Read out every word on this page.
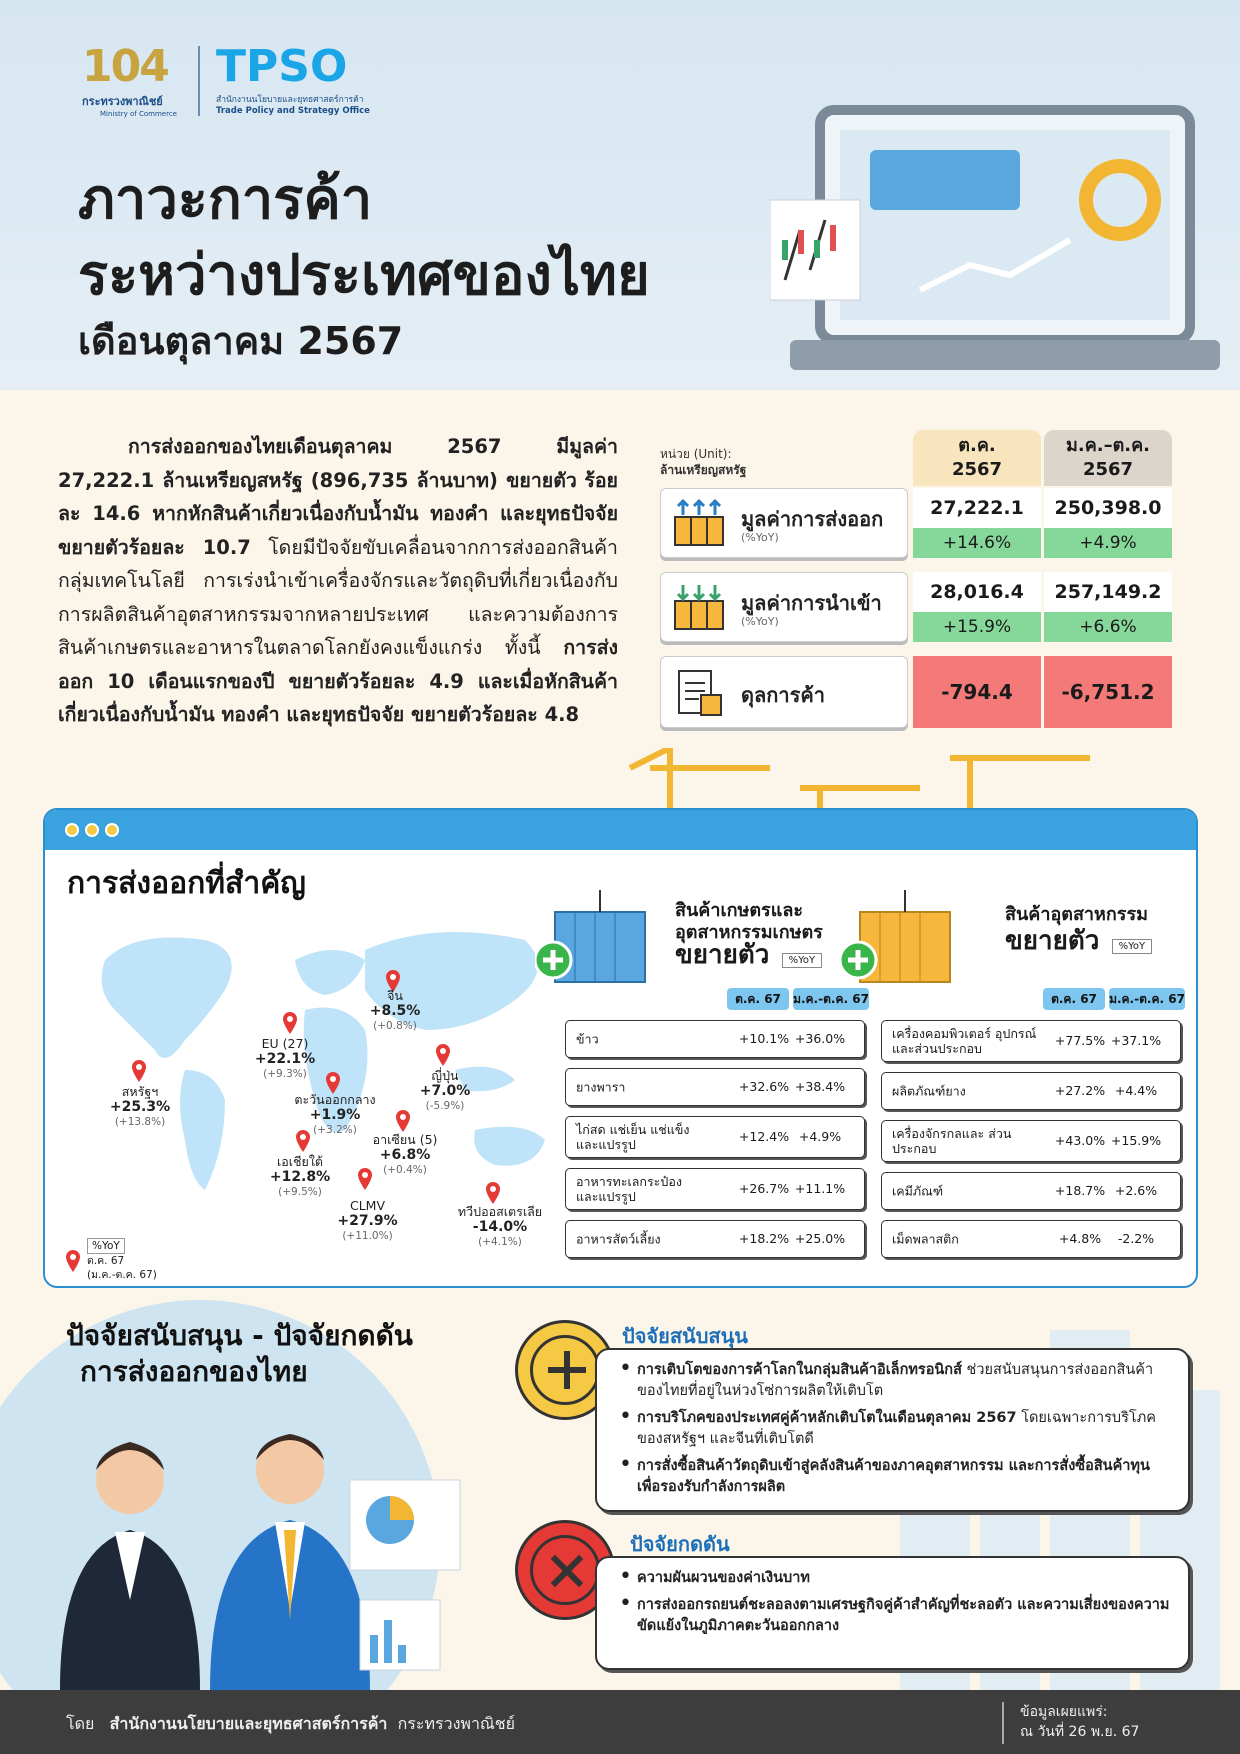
104
กระทรวงพาณิชย์
Ministry of Commerce
TPSO
สำนักงานนโยบายและยุทธศาสตร์การค้า
Trade Policy and Strategy Office
ภาวะการค้า
ระหว่างประเทศของไทย
เดือนตุลาคม 2567
การส่งออกของไทยเดือนตุลาคม 2567 มีมูลค่า 27,222.1 ล้านเหรียญสหรัฐ (896,735 ล้านบาท) ขยายตัว ร้อยละ 14.6 หากหักสินค้าเกี่ยวเนื่องกับน้ำมัน ทองคำ และยุทธปัจจัย ขยายตัวร้อยละ 10.7 โดยมีปัจจัยขับเคลื่อนจากการส่งออกสินค้ากลุ่มเทคโนโลยี การเร่งนำเข้าเครื่องจักรและวัตถุดิบที่เกี่ยวเนื่องกับการผลิตสินค้าอุตสาหกรรมจากหลายประเทศ และความต้องการสินค้าเกษตรและอาหารในตลาดโลกยังคงแข็งแกร่ง ทั้งนี้ การส่งออก 10 เดือนแรกของปี ขยายตัวร้อยละ 4.9 และเมื่อหักสินค้าเกี่ยวเนื่องกับน้ำมัน ทองคำ และยุทธปัจจัย ขยายตัวร้อยละ 4.8
หน่วย (Unit):
ล้านเหรียญสหรัฐ
ต.ค.
2567
ม.ค.–ต.ค.
2567
มูลค่าการส่งออก
(%YoY)
27,222.1	250,398.0
+14.6%	+4.9%
มูลค่าการนำเข้า
(%YoY)
28,016.4	257,149.2
+15.9%	+6.6%
ดุลการค้า	-794.4	-6,751.2
การส่งออกที่สำคัญ
จีน
+8.5%
(+0.8%)
EU (27)
+22.1%
(+9.3%)	ญี่ปุ่น
+7.0%
(-5.9%)
สหรัฐฯ
+25.3%
(+13.8%)
ตะวันออกกลาง
+1.9%
(+3.2%)
อาเซียน (5)
+6.8%
(+0.4%)
เอเชียใต้
+12.8%
(+9.5%)
CLMV
+27.9%
(+11.0%)
ทวีปออสเตรเลีย
-14.0%
(+4.1%)
%YoY
ต.ค. 67
(ม.ค.-ต.ค. 67)
สินค้าเกษตรและ
อุตสาหกรรมเกษตร
ขยายตัว %YoY
สินค้าอุตสาหกรรม
ขยายตัว %YoY
ต.ค. 67	ม.ค.-ต.ค. 67	ต.ค. 67	ม.ค.-ต.ค. 67
ข้าว	+10.1% +36.0%
ยางพารา	+32.6% +38.4%
ไก่สด แช่เย็น แช่แข็ง และแปรรูป
+12.4% +4.9%
อาหารทะเลกระป๋อง และแปรรูป
+26.7% +11.1%
อาหารสัตว์เลี้ยง	+18.2% +25.0%
เครื่องคอมพิวเตอร์ อุปกรณ์และส่วนประกอบ
+77.5% +37.1%
ผลิตภัณฑ์ยาง	+27.2% +4.4%
เครื่องจักรกลและ ส่วนประกอบ
+43.0% +15.9%
เคมีภัณฑ์	+18.7% +2.6%
เม็ดพลาสติก	+4.8%	-2.2%
ปัจจัยสนับสนุน - ปัจจัยกดดัน
การส่งออกของไทย
ปัจจัยสนับสนุน
• การเติบโตของการค้าโลกในกลุ่มสินค้าอิเล็กทรอนิกส์ ช่วยสนับสนุนการส่งออกสินค้าของไทยที่อยู่ในห่วงโซ่การผลิตให้เติบโต
• การบริโภคของประเทศคู่ค้าหลักเติบโตในเดือนตุลาคม 2567 โดยเฉพาะการบริโภคของสหรัฐฯ และจีนที่เติบโตดี
• การสั่งซื้อสินค้าวัตถุดิบเข้าสู่คลังสินค้าของภาคอุตสาหกรรม และการสั่งซื้อสินค้าทุนเพื่อรองรับกำลังการผลิต
ปัจจัยกดดัน
• ความผันผวนของค่าเงินบาท
• การส่งออกรถยนต์ชะลอลงตามเศรษฐกิจคู่ค้าสำคัญที่ชะลอตัว และความเสี่ยงของความขัดแย้งในภูมิภาคตะวันออกกลาง
โดย สำนักงานนโยบายและยุทธศาสตร์การค้า กระทรวงพาณิชย์
ข้อมูลเผยแพร่:
ณ วันที่ 26 พ.ย. 67
